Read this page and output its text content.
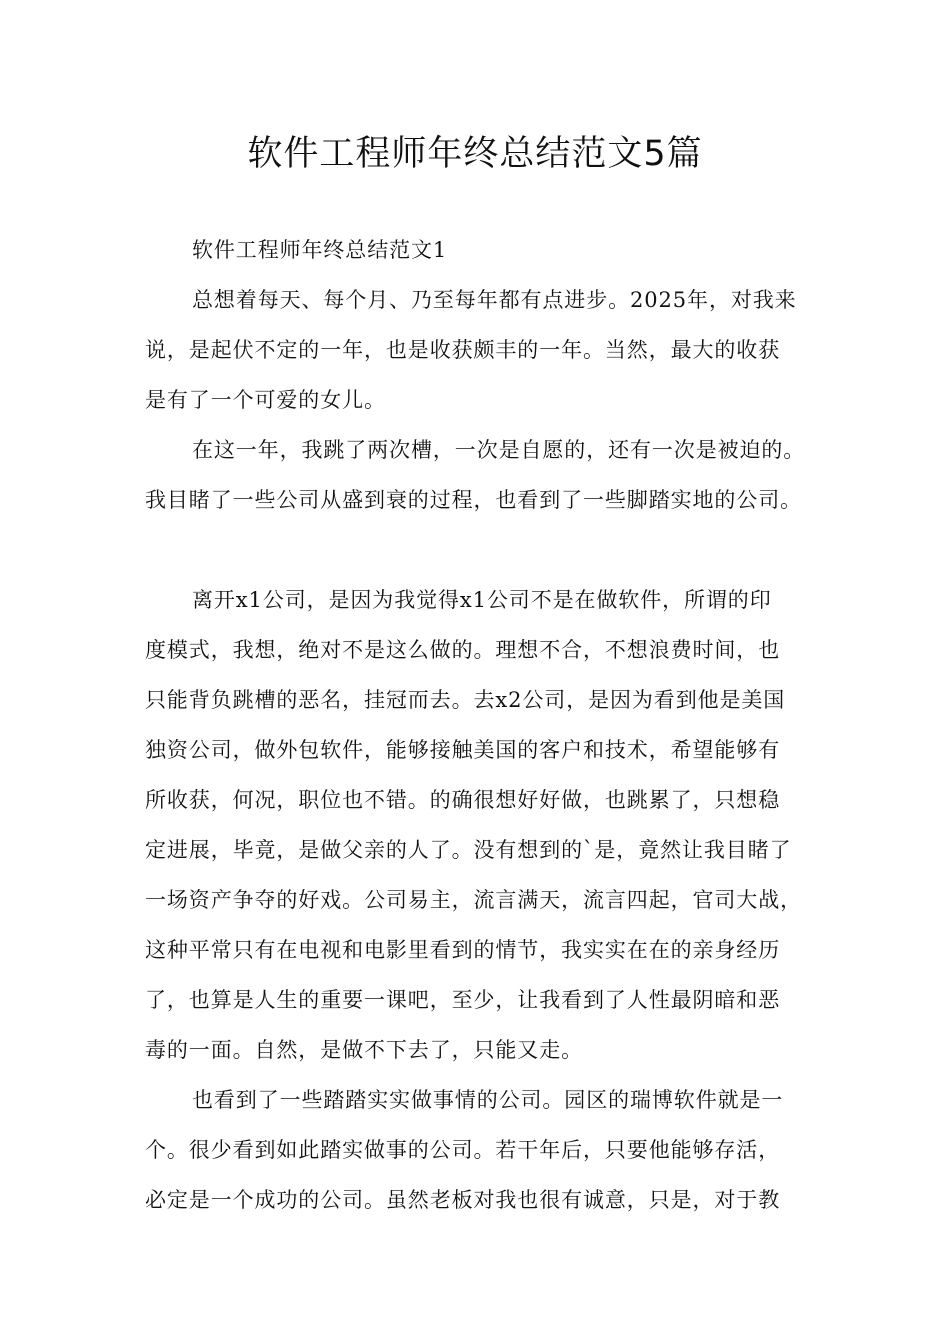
软件工程师年终总结范文5篇

软件工程师年终总结范文1

总想着每天、每个月、乃至每年都有点进步。2025年，对我来

说，是起伏不定的一年，也是收获颇丰的一年。当然，最大的收获

是有了一个可爱的女儿。

在这一年，我跳了两次槽，一次是自愿的，还有一次是被迫的。

我目睹了一些公司从盛到衰的过程，也看到了一些脚踏实地的公司。

离开x1公司，是因为我觉得x1公司不是在做软件，所谓的印

度模式，我想，绝对不是这么做的。理想不合，不想浪费时间，也

只能背负跳槽的恶名，挂冠而去。去x2公司，是因为看到他是美国

独资公司，做外包软件，能够接触美国的客户和技术，希望能够有

所收获，何况，职位也不错。的确很想好好做，也跳累了，只想稳

定进展，毕竟，是做父亲的人了。没有想到的`是，竟然让我目睹了

一场资产争夺的好戏。公司易主，流言满天，流言四起，官司大战，

这种平常只有在电视和电影里看到的情节，我实实在在的亲身经历

了，也算是人生的重要一课吧，至少，让我看到了人性最阴暗和恶

毒的一面。自然，是做不下去了，只能又走。

也看到了一些踏踏实实做事情的公司。园区的瑞博软件就是一

个。很少看到如此踏实做事的公司。若干年后，只要他能够存活，

必定是一个成功的公司。虽然老板对我也很有诚意，只是，对于教
